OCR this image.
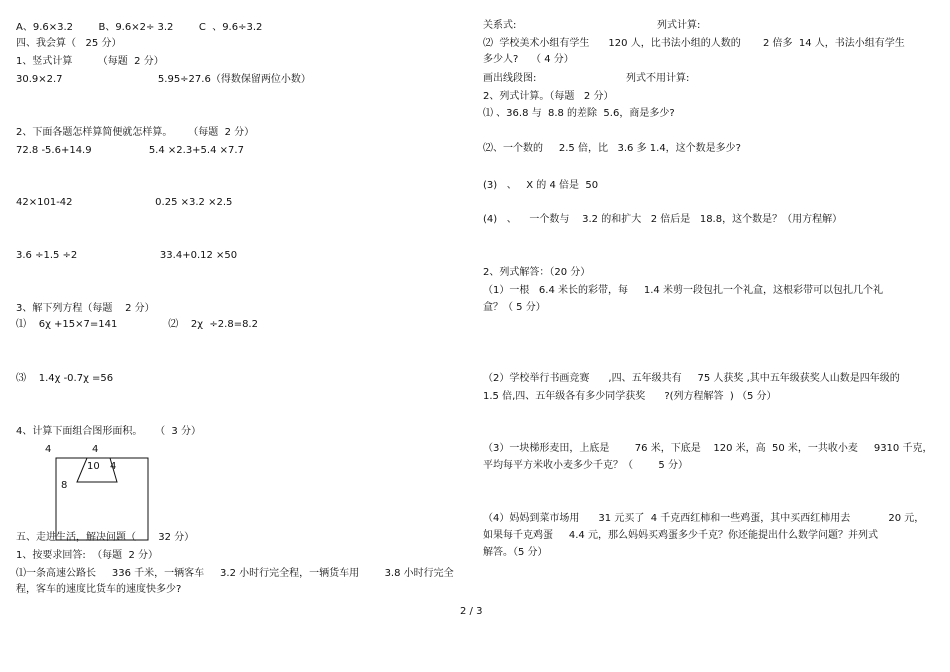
A、9.6×3.2        B、9.6×2÷ 3.2        C  、9.6÷3.2
四、我会算（   25 分）
1、竖式计算        （每题  2 分）
30.9×2.7                              5.95÷27.6（得数保留两位小数）
2、下面各题怎样算简便就怎样算。     （每题  2 分）
72.8 -5.6+14.9                  5.4 ×2.3+5.4 ×7.7
42×101-42                          0.25 ×3.2 ×2.5
3.6 ÷1.5 ÷2                          33.4+0.12 ×50
3、解下列方程（每题    2 分）
⑴    6χ +15×7=141                ⑵    2χ  ÷2.8=8.2
⑶    1.4χ -0.7χ =56
4、计算下面组合图形面积。    （  3 分）
4	4
10 4
8
五、走进生活，解决问题（       32 分）
1、按要求回答:  （每题  2 分）
⑴一条高速公路长     336 千米，一辆客车     3.2 小时行完全程，一辆货车用        3.8 小时行完全
程，客车的速度比货车的速度快多少?
关系式:	列式计算:
⑵  学校美术小组有学生      120 人，比书法小组的人数的       2 倍多  14 人，书法小组有学生
多少人?    （ 4 分）
画出线段图:	列式不用计算:
2、列式计算。（每题   2 分）
⑴ 、36.8 与  8.8 的差除  5.6，商是多少?
⑵、一个数的     2.5 倍，比   3.6 多 1.4，这个数是多少?
(3)   、   X 的 4 倍是  50
(4)   、    一个数与    3.2 的和扩大   2 倍后是   18.8，这个数是？（用方程解）
2、列式解答：（20 分）
（1）一根   6.4 米长的彩带，每     1.4 米剪一段包扎一个礼盒，这根彩带可以包扎几个礼
盒？（ 5 分）
（2）学校举行书画竞赛      ,四、五年级共有     75 人获奖 ,其中五年级获奖人山数是四年级的
1.5 倍,四、五年级各有多少同学获奖      ?(列方程解答  ) （5 分）
（3）一块梯形麦田，上底是        76 米，下底是    120 米，高  50 米，一共收小麦     9310 千克，
平均每平方米收小麦多少千克？（        5 分）
（4）妈妈到菜市场用      31 元买了  4 千克西红柿和一些鸡蛋，其中买西红柿用去            20 元，
如果每千克鸡蛋     4.4 元，那么妈妈买鸡蛋多少千克？你还能提出什么数学问题？并列式
解答。（5 分）
2 / 3
